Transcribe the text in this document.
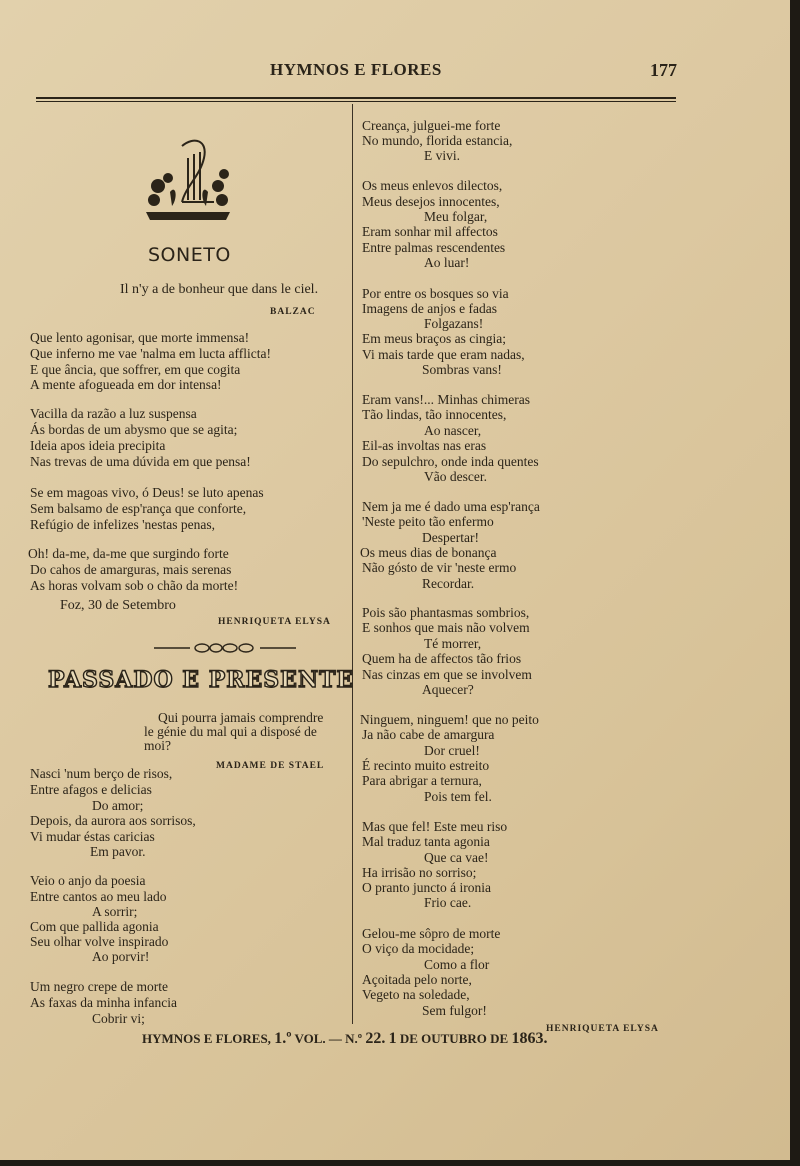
HYMNOS E FLORES	177
SONETO
Il n'y a de bonheur que dans le ciel.
BALZAC
Que lento agonisar, que morte immensa!
Que inferno me vae 'nalma em lucta afflicta!
E que ância, que soffrer, em que cogita
A mente afogueada em dor intensa!
Vacilla da razão a luz suspensa
Ás bordas de um abysmo que se agita;
Ideia apos ideia precipita
Nas trevas de uma dúvida em que pensa!
Se em magoas vivo, ó Deus! se luto apenas
Sem balsamo de esp'rança que conforte,
Refúgio de infelizes 'nestas penas,
Oh! da-me, da-me que surgindo forte
Do cahos de amarguras, mais serenas
As horas volvam sob o chão da morte!
Foz, 30 de Setembro
HENRIQUETA ELYSA
PASSADO E PRESENTE
Qui pourra jamais comprendre
le génie du mal qui a disposé de
moi?
MADAME DE STAEL
Nasci 'num berço de risos,
Entre afagos e delicias
Do amor;
Depois, da aurora aos sorrisos,
Vi mudar éstas caricias
Em pavor.
Veio o anjo da poesia
Entre cantos ao meu lado
A sorrir;
Com que pallida agonia
Seu olhar volve inspirado
Ao porvir!
Um negro crepe de morte
As faxas da minha infancia
Cobrir vi;
Creança, julguei-me forte
No mundo, florida estancia,
E vivi.
Os meus enlevos dilectos,
Meus desejos innocentes,
Meu folgar,
Eram sonhar mil affectos
Entre palmas rescendentes
Ao luar!
Por entre os bosques so via
Imagens de anjos e fadas
Folgazans!
Em meus braços as cingia;
Vi mais tarde que eram nadas,
Sombras vans!
Eram vans!... Minhas chimeras
Tão lindas, tão innocentes,
Ao nascer,
Eil-as involtas nas eras
Do sepulchro, onde inda quentes
Vão descer.
Nem ja me é dado uma esp'rança
'Neste peito tão enfermo
Despertar!
Os meus dias de bonança
Não gósto de vir 'neste ermo
Recordar.
Pois são phantasmas sombrios,
E sonhos que mais não volvem
Té morrer,
Quem ha de affectos tão frios
Nas cinzas em que se involvem
Aquecer?
Ninguem, ninguem! que no peito
Ja não cabe de amargura
Dor cruel!
É recinto muito estreito
Para abrigar a ternura,
Pois tem fel.
Mas que fel! Este meu riso
Mal traduz tanta agonia
Que ca vae!
Ha irrisão no sorriso;
O pranto juncto á ironia
Frio cae.
Gelou-me sôpro de morte
O viço da mocidade;
Como a flor
Açoitada pelo norte,
Vegeto na soledade,
Sem fulgor!
HENRIQUETA ELYSA
HYMNOS E FLORES, 1.º VOL. — N.º 22. 1 DE OUTUBRO DE 1863.
